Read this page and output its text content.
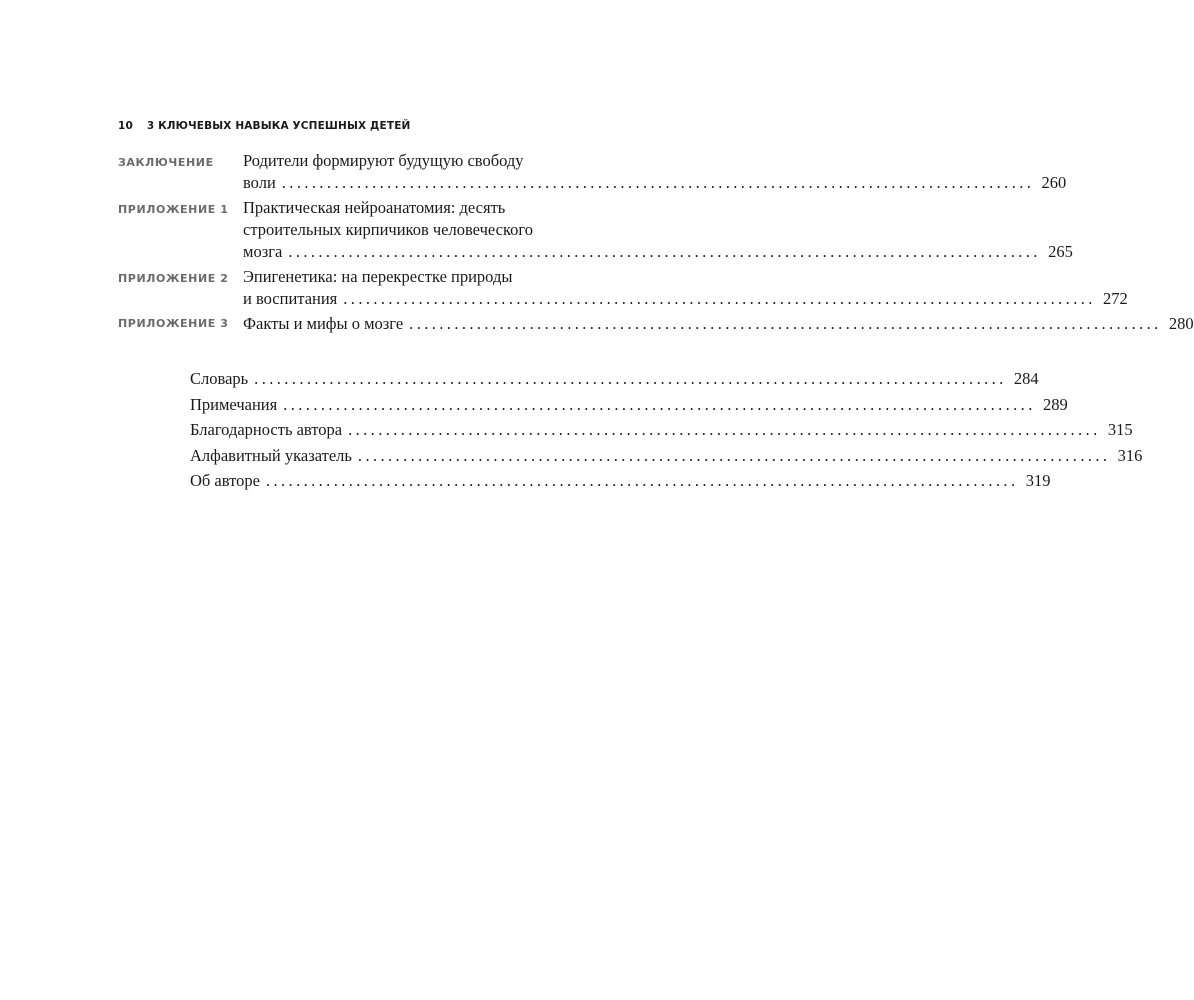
10 3 КЛЮЧЕВЫХ НАВЫКА УСПЕШНЫХ ДЕТЕЙ
ЗАКЛЮЧЕНИЕ Родители формируют будущую свободу
воли .................................................................................................... 260
ПРИЛОЖЕНИЕ 1 Практическая нейроанатомия: десять
строительных кирпичиков человеческого
мозга .................................................................................................... 265
ПРИЛОЖЕНИЕ 2 Эпигенетика: на перекрестке природы
и воспитания .................................................................................................... 272
ПРИЛОЖЕНИЕ 3 Факты и мифы о мозге .................................................................................................... 280
Словарь .................................................................................................... 284
Примечания .................................................................................................... 289
Благодарность автора .................................................................................................... 315
Алфавитный указатель .................................................................................................... 316
Об авторе .................................................................................................... 319
